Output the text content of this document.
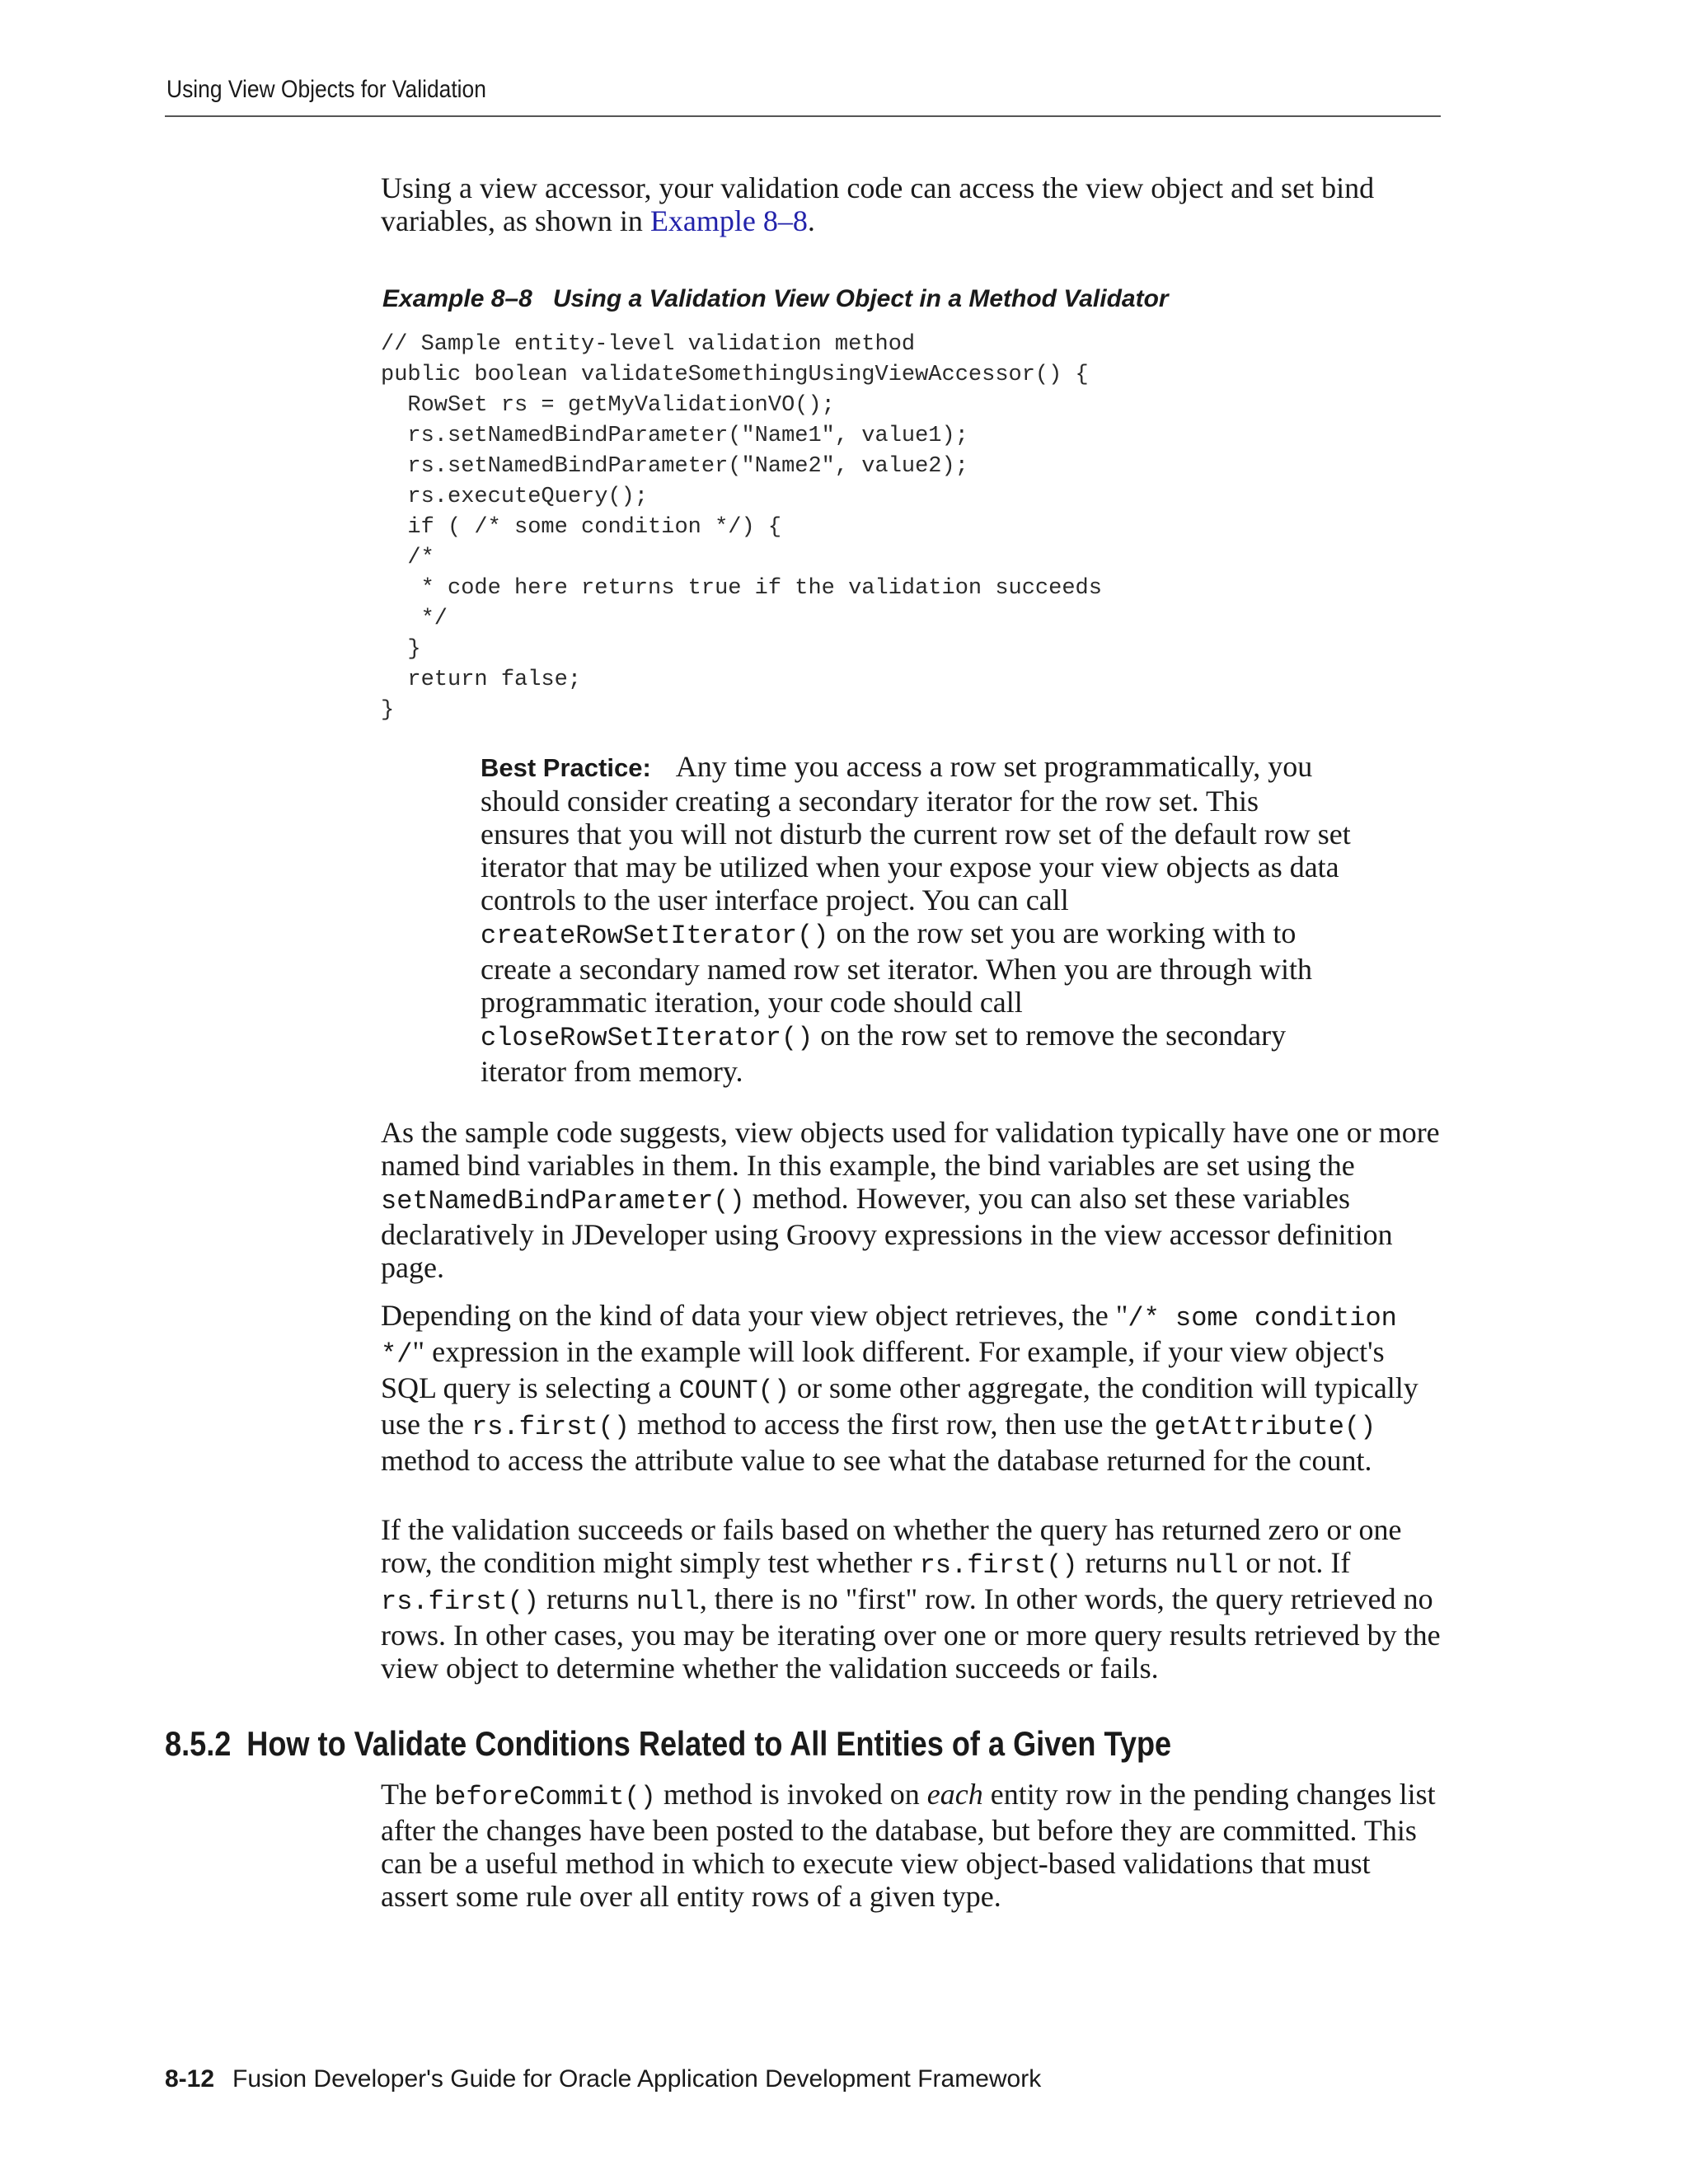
Using View Objects for Validation

Using a view accessor, your validation code can access the view object and set bind variables, as shown in Example 8–8.

Example 8–8 Using a Validation View Object in a Method Validator
// Sample entity-level validation method
public boolean validateSomethingUsingViewAccessor() {
RowSet rs = getMyValidationVO();
rs.setNamedBindParameter("Name1", value1);
rs.setNamedBindParameter("Name2", value2);
rs.executeQuery();
if ( /* some condition */) {
/*
* code here returns true if the validation succeeds
*/
}
return false;
}

Best Practice: Any time you access a row set programmatically, you should consider creating a secondary iterator for the row set. This ensures that you will not disturb the current row set of the default row set iterator that may be utilized when your expose your view objects as data controls to the user interface project. You can call createRowSetIterator() on the row set you are working with to create a secondary named row set iterator. When you are through with programmatic iteration, your code should call closeRowSetIterator() on the row set to remove the secondary iterator from memory.

As the sample code suggests, view objects used for validation typically have one or more named bind variables in them. In this example, the bind variables are set using the setNamedBindParameter() method. However, you can also set these variables declaratively in JDeveloper using Groovy expressions in the view accessor definition page.

Depending on the kind of data your view object retrieves, the "/* some condition */" expression in the example will look different. For example, if your view object's SQL query is selecting a COUNT() or some other aggregate, the condition will typically use the rs.first() method to access the first row, then use the getAttribute() method to access the attribute value to see what the database returned for the count.

If the validation succeeds or fails based on whether the query has returned zero or one row, the condition might simply test whether rs.first() returns null or not. If rs.first() returns null, there is no "first" row. In other words, the query retrieved no rows. In other cases, you may be iterating over one or more query results retrieved by the view object to determine whether the validation succeeds or fails.

8.5.2 How to Validate Conditions Related to All Entities of a Given Type

The beforeCommit() method is invoked on each entity row in the pending changes list after the changes have been posted to the database, but before they are committed. This can be a useful method in which to execute view object-based validations that must assert some rule over all entity rows of a given type.

8-12 Fusion Developer's Guide for Oracle Application Development Framework
